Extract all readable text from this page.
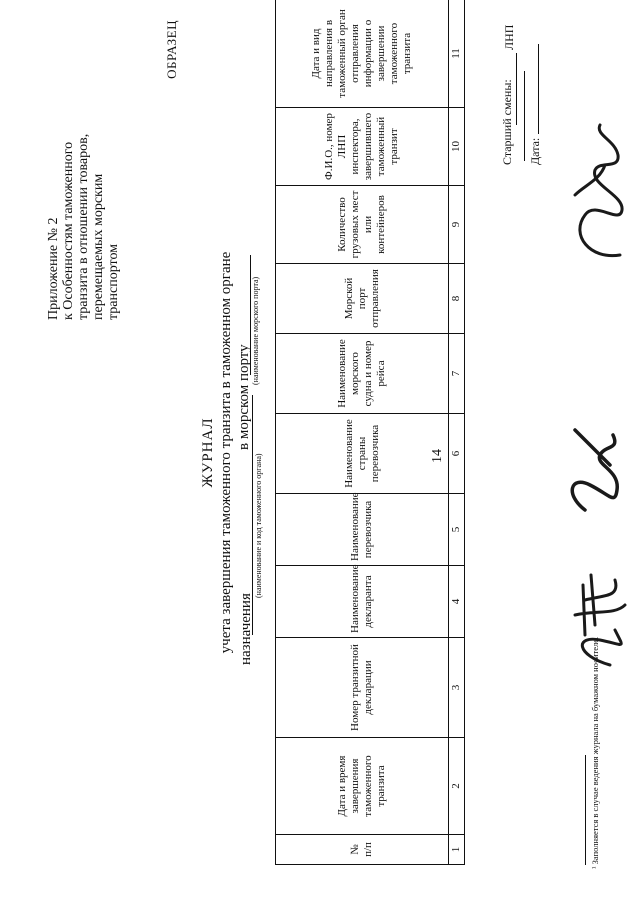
14
Приложение № 2 к Особенностям таможенного транзита в отношении товаров, перемещаемых морским транспортом
ОБРАЗЕЦ
ЖУРНАЛ учета завершения таможенного транзита в таможенном органе назначения
(наименование и код таможенного органа)
в морском порту
(наименование морского порта)
№ п/п	Дата и время завершения таможенного транзита	Номер транзитной декларации	Наименование декларанта	Наименование перевозчика	Наименование страны перевозчика	Наименование морского судна и номер рейса	Морской порт отправления	Количество грузовых мест или контейнеров	Ф.И.О., номер ЛНП инспектора, завершившего таможенный транзит	Дата и вид направления в таможенный орган отправления информации о завершении таможенного транзита
1	2	3	4	5	6	7	8	9	10	11
Старший смены:	Дата:
ЛНП
¹ Заполняется в случае ведения журнала на бумажном носителе.
